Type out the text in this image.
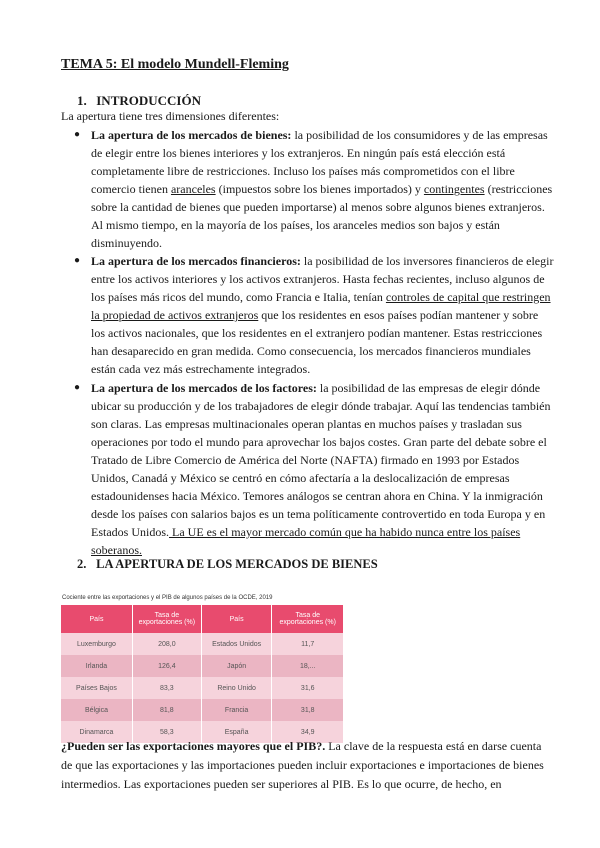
TEMA 5: El modelo Mundell-Fleming
1. INTRODUCCIÓN
La apertura tiene tres dimensiones diferentes:
● La apertura de los mercados de bienes: la posibilidad de los consumidores y de las empresas de elegir entre los bienes interiores y los extranjeros. En ningún país está elección está completamente libre de restricciones. Incluso los países más comprometidos con el libre comercio tienen aranceles (impuestos sobre los bienes importados) y contingentes (restricciones sobre la cantidad de bienes que pueden importarse) al menos sobre algunos bienes extranjeros. Al mismo tiempo, en la mayoría de los países, los aranceles medios son bajos y están disminuyendo.
● La apertura de los mercados financieros: la posibilidad de los inversores financieros de elegir entre los activos interiores y los activos extranjeros. Hasta fechas recientes, incluso algunos de los países más ricos del mundo, como Francia e Italia, tenían controles de capital que restringen la propiedad de activos extranjeros que los residentes en esos países podían mantener y sobre los activos nacionales, que los residentes en el extranjero podían mantener. Estas restricciones han desaparecido en gran medida. Como consecuencia, los mercados financieros mundiales están cada vez más estrechamente integrados.
● La apertura de los mercados de los factores: la posibilidad de las empresas de elegir dónde ubicar su producción y de los trabajadores de elegir dónde trabajar. Aquí las tendencias también son claras. Las empresas multinacionales operan plantas en muchos países y trasladan sus operaciones por todo el mundo para aprovechar los bajos costes. Gran parte del debate sobre el Tratado de Libre Comercio de América del Norte (NAFTA) firmado en 1993 por Estados Unidos, Canadá y México se centró en cómo afectaría a la deslocalización de empresas estadounidenses hacia México. Temores análogos se centran ahora en China. Y la inmigración desde los países con salarios bajos es un tema políticamente controvertido en toda Europa y en Estados Unidos. La UE es el mayor mercado común que ha habido nunca entre los países soberanos.
2. LA APERTURA DE LOS MERCADOS DE BIENES
Cociente entre las exportaciones y el PIB de algunos países de la OCDE, 2019
País	Tasa de exportaciones (%)	País	Tasa de exportaciones (%)
Luxemburgo	208,0	Estados Unidos	11,7
Irlanda	126,4	Japón	18,...
Países Bajos	83,3	Reino Unido	31,6
Bélgica	81,8	Francia	31,8
Dinamarca	58,3	España	34,9
¿Pueden ser las exportaciones mayores que el PIB?. La clave de la respuesta está en darse cuenta de que las exportaciones y las importaciones pueden incluir exportaciones e importaciones de bienes intermedios. Las exportaciones pueden ser superiores al PIB. Es lo que ocurre, de hecho, en
